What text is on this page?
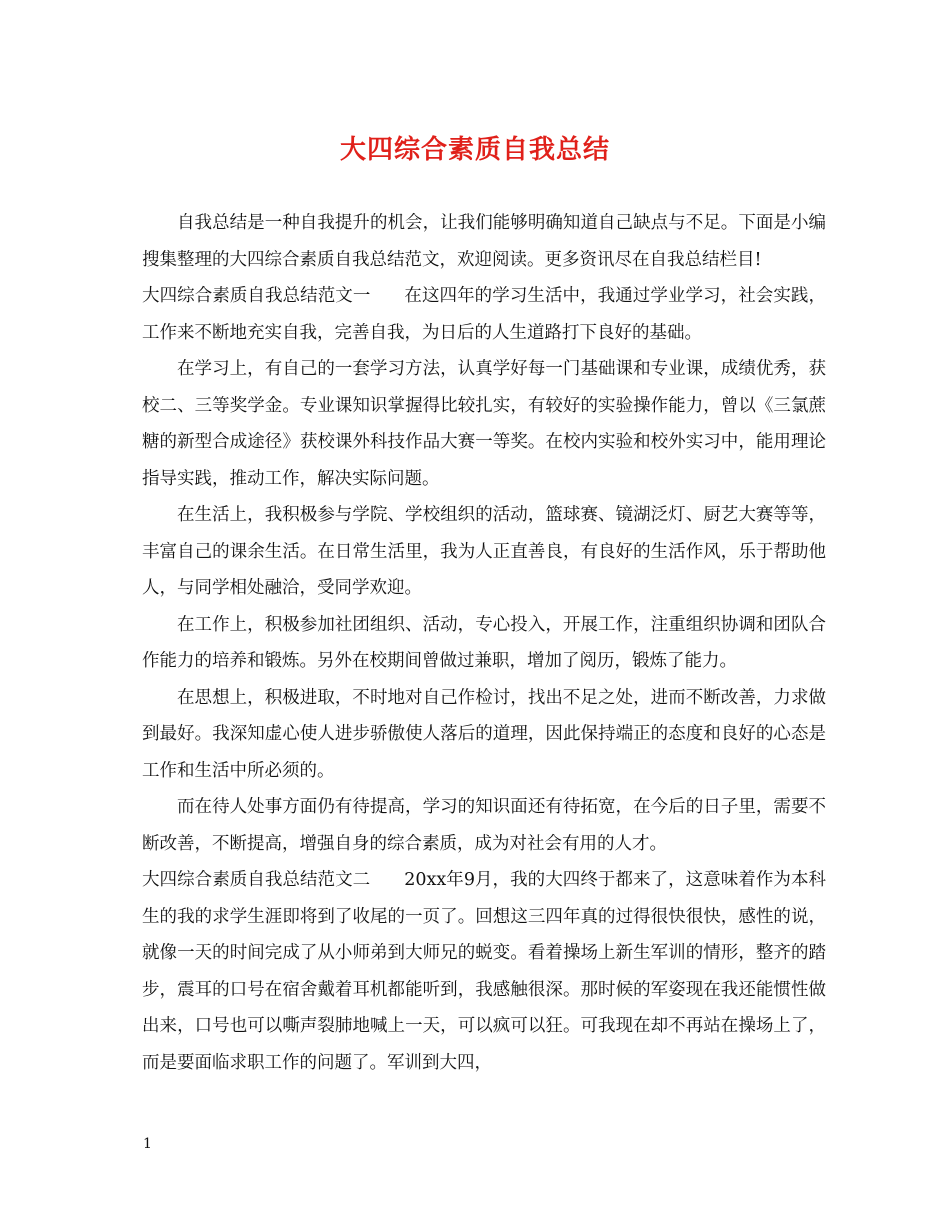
大四综合素质自我总结

自我总结是一种自我提升的机会，让我们能够明确知道自己缺点与不足。下面是小编搜集整理的大四综合素质自我总结范文，欢迎阅读。更多资讯尽在自我总结栏目!

大四综合素质自我总结范文一 在这四年的学习生活中，我通过学业学习，社会实践，工作来不断地充实自我，完善自我，为日后的人生道路打下良好的基础。

在学习上，有自己的一套学习方法，认真学好每一门基础课和专业课，成绩优秀，获校二、三等奖学金。专业课知识掌握得比较扎实，有较好的实验操作能力，曾以《三氯蔗糖的新型合成途径》获校课外科技作品大赛一等奖。在校内实验和校外实习中，能用理论指导实践，推动工作，解决实际问题。

在生活上，我积极参与学院、学校组织的活动，篮球赛、镜湖泛灯、厨艺大赛等等，丰富自己的课余生活。在日常生活里，我为人正直善良，有良好的生活作风，乐于帮助他人，与同学相处融洽，受同学欢迎。

在工作上，积极参加社团组织、活动，专心投入，开展工作，注重组织协调和团队合作能力的培养和锻炼。另外在校期间曾做过兼职，增加了阅历，锻炼了能力。

在思想上，积极进取，不时地对自己作检讨，找出不足之处，进而不断改善，力求做到最好。我深知虚心使人进步骄傲使人落后的道理，因此保持端正的态度和良好的心态是工作和生活中所必须的。

而在待人处事方面仍有待提高，学习的知识面还有待拓宽，在今后的日子里，需要不断改善，不断提高，增强自身的综合素质，成为对社会有用的人才。

大四综合素质自我总结范文二 20xx年9月，我的大四终于都来了，这意味着作为本科生的我的求学生涯即将到了收尾的一页了。回想这三四年真的过得很快很快，感性的说，就像一天的时间完成了从小师弟到大师兄的蜕变。看着操场上新生军训的情形，整齐的踏步，震耳的口号在宿舍戴着耳机都能听到，我感触很深。那时候的军姿现在我还能惯性做出来，口号也可以嘶声裂肺地喊上一天，可以疯可以狂。可我现在却不再站在操场上了，而是要面临求职工作的问题了。军训到大四，

1
